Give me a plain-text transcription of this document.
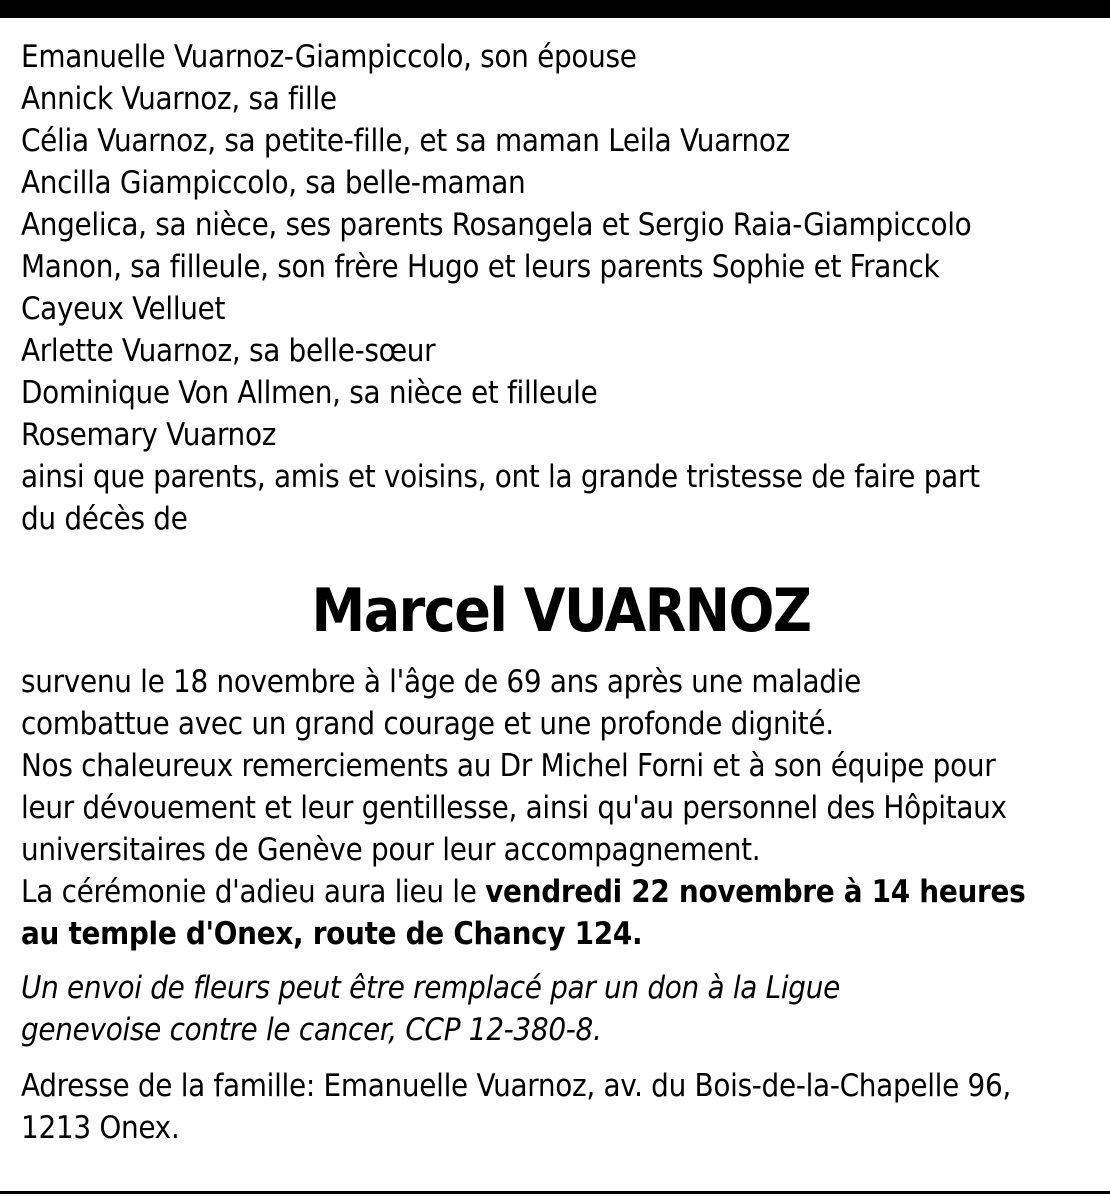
Emanuelle Vuarnoz-Giampiccolo, son épouse
Annick Vuarnoz, sa fille
Célia Vuarnoz, sa petite-fille, et sa maman Leila Vuarnoz
Ancilla Giampiccolo, sa belle-maman
Angelica, sa nièce, ses parents Rosangela et Sergio Raia-Giampiccolo
Manon, sa filleule, son frère Hugo et leurs parents Sophie et Franck
Cayeux Velluet
Arlette Vuarnoz, sa belle-sœur
Dominique Von Allmen, sa nièce et filleule
Rosemary Vuarnoz
ainsi que parents, amis et voisins, ont la grande tristesse de faire part
du décès de
Marcel VUARNOZ

survenu le 18 novembre à l'âge de 69 ans après une maladie

combattue avec un grand courage et une profonde dignité.

Nos chaleureux remerciements au Dr Michel Forni et à son équipe pour

leur dévouement et leur gentillesse, ainsi qu'au personnel des Hôpitaux

universitaires de Genève pour leur accompagnement.

La cérémonie d'adieu aura lieu le vendredi 22 novembre à 14 heures

au temple d'Onex, route de Chancy 124.

Un envoi de fleurs peut être remplacé par un don à la Ligue
genevoise contre le cancer, CCP 12-380-8.
Adresse de la famille: Emanuelle Vuarnoz, av. du Bois-de-la-Chapelle 96,
1213 Onex.
